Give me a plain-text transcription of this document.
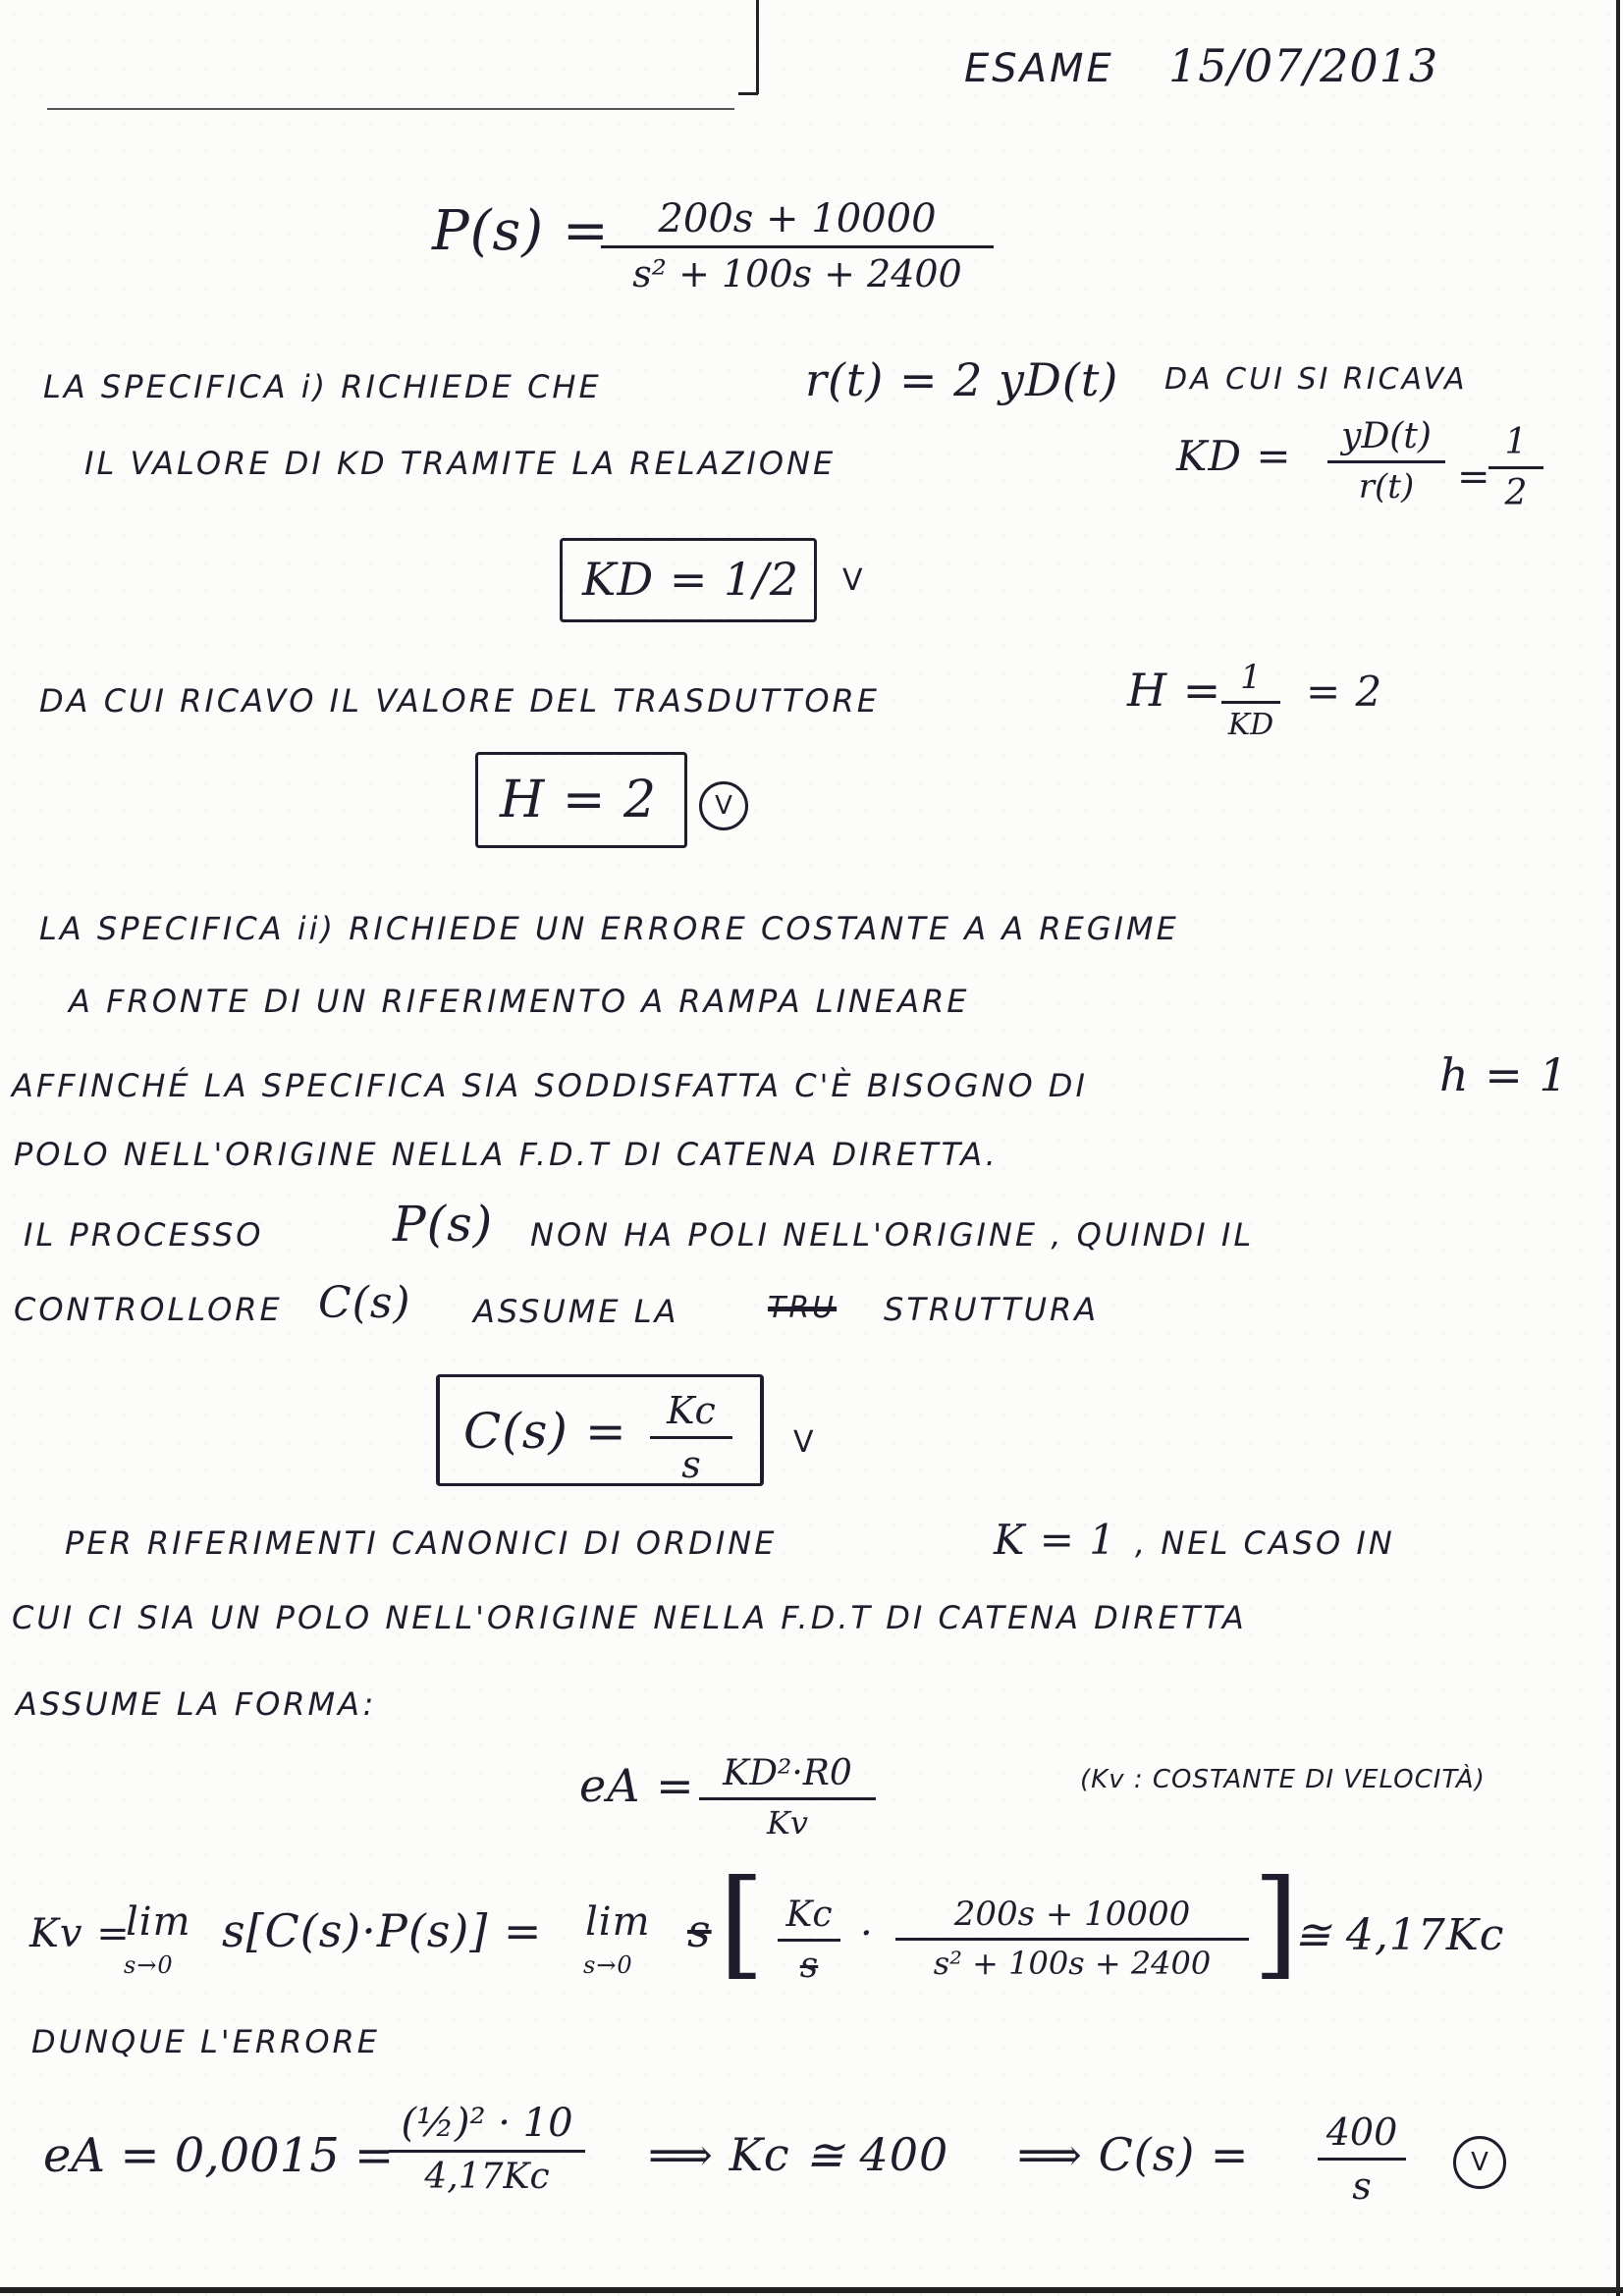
ESAME 15/07/2013
P(s) =	200s + 10000
s² + 100s + 2400
LA SPECIFICA i) RICHIEDE CHE	r(t) = 2 yD(t) DA CUI SI RICAVA
IL VALORE DI KD TRAMITE LA RELAZIONE	KD =	yD(t)
r(t)	=
1
2
KD = 1/2 V
DA CUI RICAVO IL VALORE DEL TRASDUTTORE	H = 1
KD
= 2
H = 2	V
LA SPECIFICA ii) RICHIEDE UN ERRORE COSTANTE A A REGIME
A FRONTE DI UN RIFERIMENTO A RAMPA LINEARE
AFFINCHÉ LA SPECIFICA SIA SODDISFATTA C'È BISOGNO DI	h = 1
POLO NELL'ORIGINE NELLA F.D.T DI CATENA DIRETTA.
IL PROCESSO	P(s) NON HA POLI NELL'ORIGINE , QUINDI IL
CONTROLLORE C(s) ASSUME LA	TRU STRUTTURA
C(s) =	Kc
s
V
PER RIFERIMENTI CANONICI DI ORDINE	K = 1 , NEL CASO IN
CUI CI SIA UN POLO NELL'ORIGINE NELLA F.D.T DI CATENA DIRETTA
ASSUME LA FORMA:
eA = KD²·R0
Kv
(Kv : COSTANTE DI VELOCITÀ)
Kv =
lim
s→0
s[C(s)·P(s)] = lim
s→0
s [ Kc
s
·	200s + 10000
s² + 100s + 2400 ]
≅ 4,17Kc
DUNQUE L'ERRORE
eA = 0,0015 =
(½)² · 10
4,17Kc	⟹ Kc ≅ 400 ⟹ C(s) = 400
s
V
